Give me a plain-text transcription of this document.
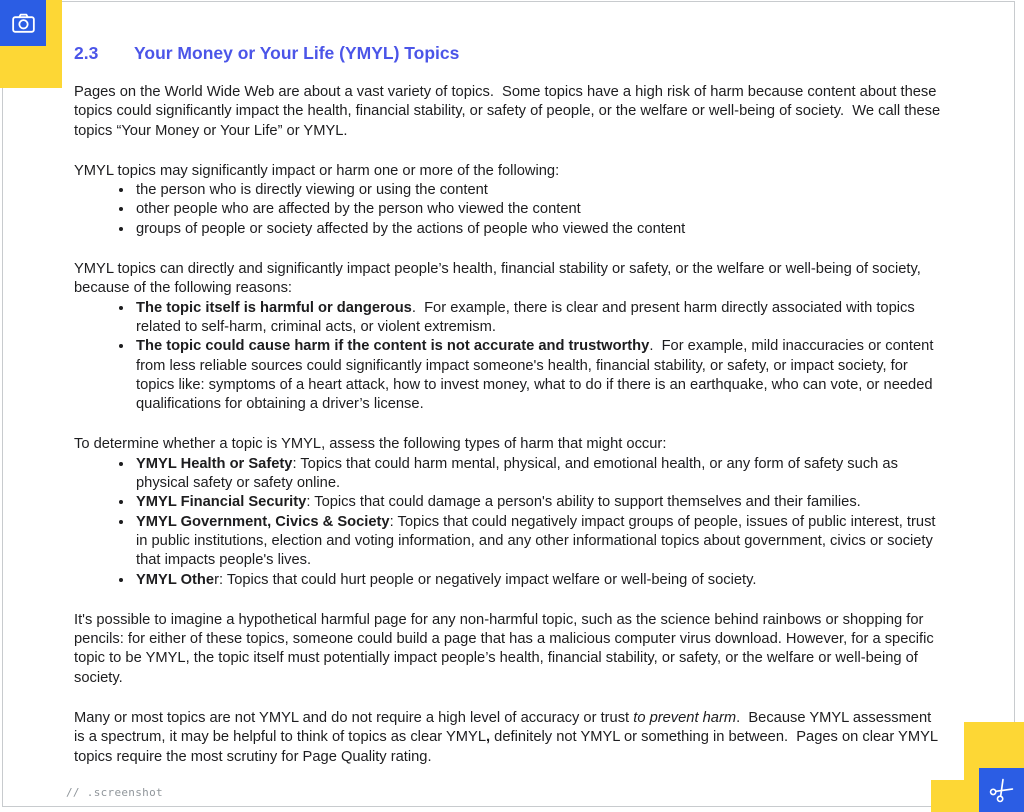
2.3	Your Money or Your Life (YMYL) Topics

Pages on the World Wide Web are about a vast variety of topics.  Some topics have a high risk of harm because content about these topics could significantly impact the health, financial stability, or safety of people, or the welfare or well-being of society.  We call these topics “Your Money or Your Life” or YMYL.

YMYL topics may significantly impact or harm one or more of the following:

• the person who is directly viewing or using the content
• other people who are affected by the person who viewed the content
• groups of people or society affected by the actions of people who viewed the content

YMYL topics can directly and significantly impact people’s health, financial stability or safety, or the welfare or well-being of society, because of the following reasons:

• The topic itself is harmful or dangerous.  For example, there is clear and present harm directly associated with topics related to self-harm, criminal acts, or violent extremism.
• The topic could cause harm if the content is not accurate and trustworthy.  For example, mild inaccuracies or content from less reliable sources could significantly impact someone's health, financial stability, or safety, or impact society, for topics like: symptoms of a heart attack, how to invest money, what to do if there is an earthquake, who can vote, or needed qualifications for obtaining a driver’s license.

To determine whether a topic is YMYL, assess the following types of harm that might occur:

• YMYL Health or Safety: Topics that could harm mental, physical, and emotional health, or any form of safety such as physical safety or safety online.
• YMYL Financial Security: Topics that could damage a person's ability to support themselves and their families.
• YMYL Government, Civics & Society: Topics that could negatively impact groups of people, issues of public interest, trust in public institutions, election and voting information, and any other informational topics about government, civics or society that impacts people's lives.
• YMYL Other: Topics that could hurt people or negatively impact welfare or well-being of society.

It's possible to imagine a hypothetical harmful page for any non-harmful topic, such as the science behind rainbows or shopping for pencils: for either of these topics, someone could build a page that has a malicious computer virus download. However, for a specific topic to be YMYL, the topic itself must potentially impact people’s health, financial stability, or safety, or the welfare or well-being of society.

Many or most topics are not YMYL and do not require a high level of accuracy or trust to prevent harm.  Because YMYL assessment is a spectrum, it may be helpful to think of topics as clear YMYL, definitely not YMYL or something in between.  Pages on clear YMYL topics require the most scrutiny for Page Quality rating.

// .screenshot
